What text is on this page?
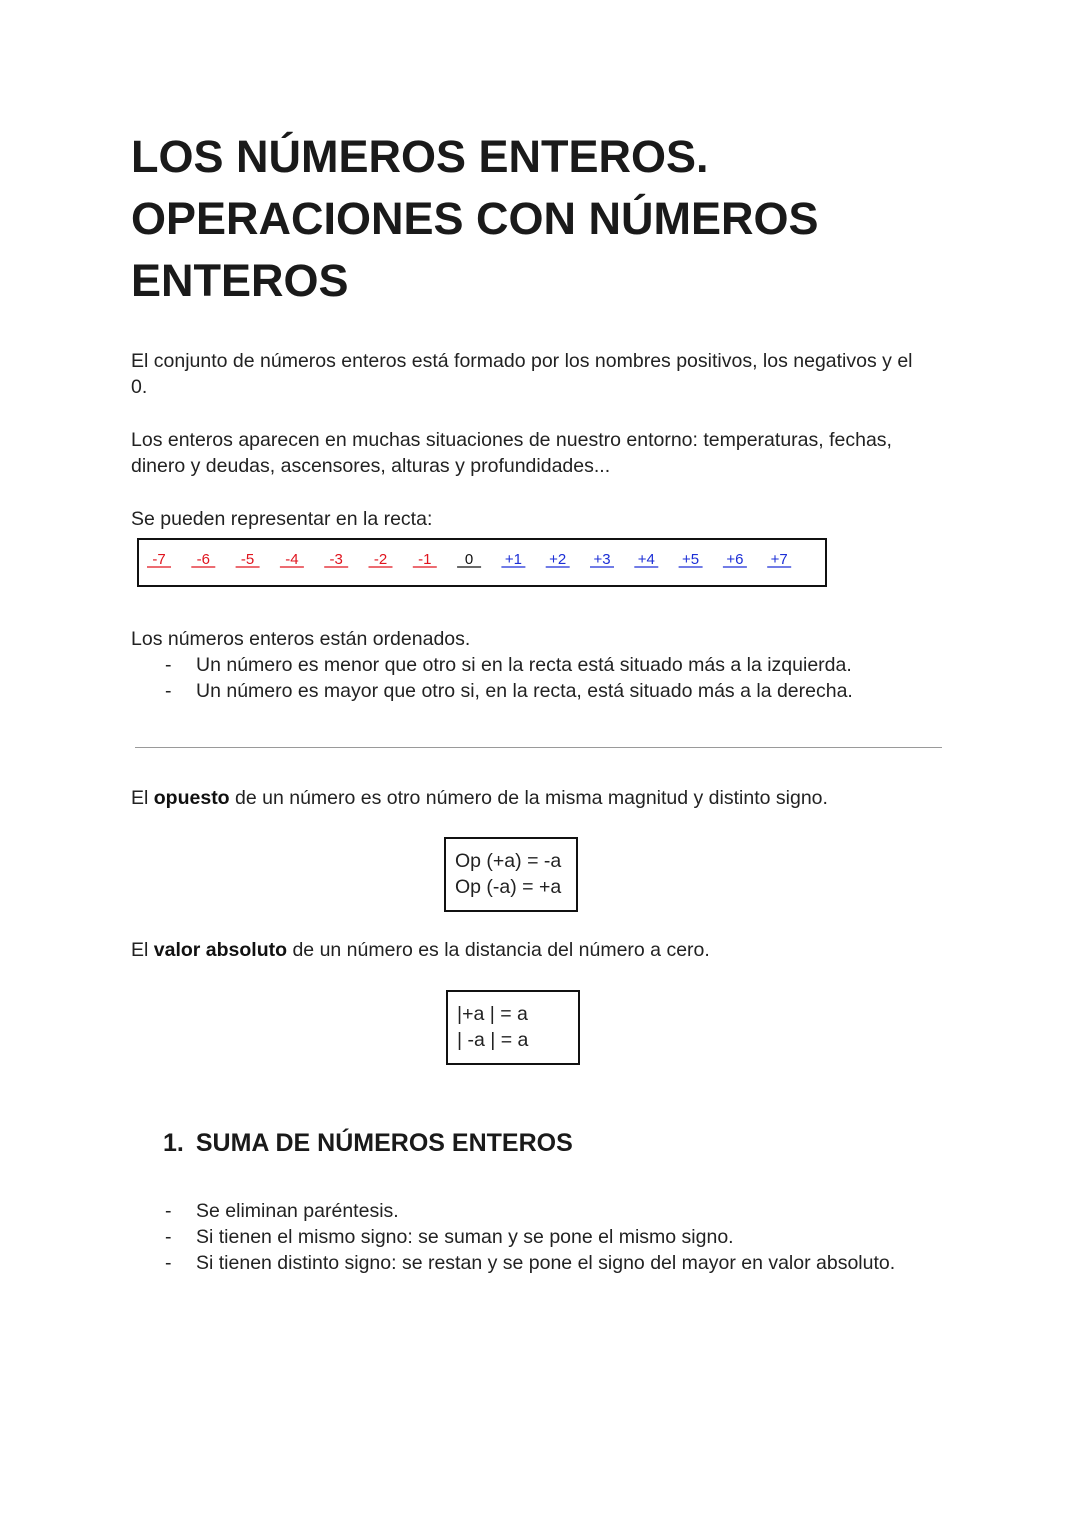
LOS NÚMEROS ENTEROS.
OPERACIONES CON NÚMEROS
ENTEROS

El conjunto de números enteros está formado por los nombres positivos, los negativos y el
0.

Los enteros aparecen en muchas situaciones de nuestro entorno: temperaturas, fechas,
dinero y deudas, ascensores, alturas y profundidades...

Se pueden representar en la recta:

-7 -6 -5 -4 -3 -2 -1 0 +1 +2 +3 +4 +5 +6 +7

Los números enteros están ordenados.

- Un número es menor que otro si en la recta está situado más a la izquierda.
- Un número es mayor que otro si, en la recta, está situado más a la derecha.

El opuesto de un número es otro número de la misma magnitud y distinto signo.

Op (+a) = -a
Op (-a) = +a

El valor absoluto de un número es la distancia del número a cero.

|+a | = a
| -a | = a
1. SUMA DE NÚMEROS ENTEROS
- Se eliminan paréntesis.
- Si tienen el mismo signo: se suman y se pone el mismo signo.
- Si tienen distinto signo: se restan y se pone el signo del mayor en valor absoluto.
